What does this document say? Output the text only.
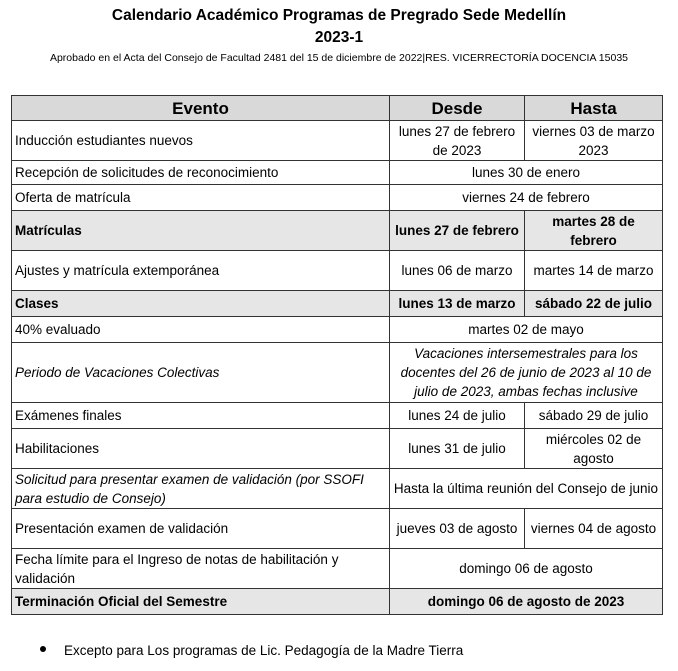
Calendario Académico Programas de Pregrado Sede Medellín
2023-1
Aprobado en el Acta del Consejo de Facultad 2481 del 15 de diciembre de 2022|RES. VICERRECTORÍA DOCENCIA 15035
Evento	Desde	Hasta
Inducción estudiantes nuevos	lunes 27 de febrero de 2023	viernes 03 de marzo 2023
Recepción de solicitudes de reconocimiento	lunes 30 de enero	
Oferta de matrícula	viernes 24 de febrero	
Matrículas	lunes 27 de febrero	martes 28 de febrero
Ajustes y matrícula extemporánea	lunes 06 de marzo	martes 14 de marzo
Clases	lunes 13 de marzo	sábado 22 de julio
40% evaluado	martes 02 de mayo	
Periodo de Vacaciones Colectivas	Vacaciones intersemestrales para los docentes del 26 de junio de 2023 al 10 de julio de 2023, ambas fechas inclusive	
Exámenes finales	lunes 24 de julio	sábado 29 de julio
Habilitaciones	lunes 31 de julio	miércoles 02 de agosto
Solicitud para presentar examen de validación (por SSOFI para estudio de Consejo)	Hasta la última reunión del Consejo de junio	
Presentación examen de validación	jueves 03 de agosto	viernes 04 de agosto
Fecha límite para el Ingreso de notas de habilitación y validación	domingo 06 de agosto	
Terminación Oficial del Semestre	domingo 06 de agosto de 2023	
Excepto para Los programas de Lic. Pedagogía de la Madre Tierra
